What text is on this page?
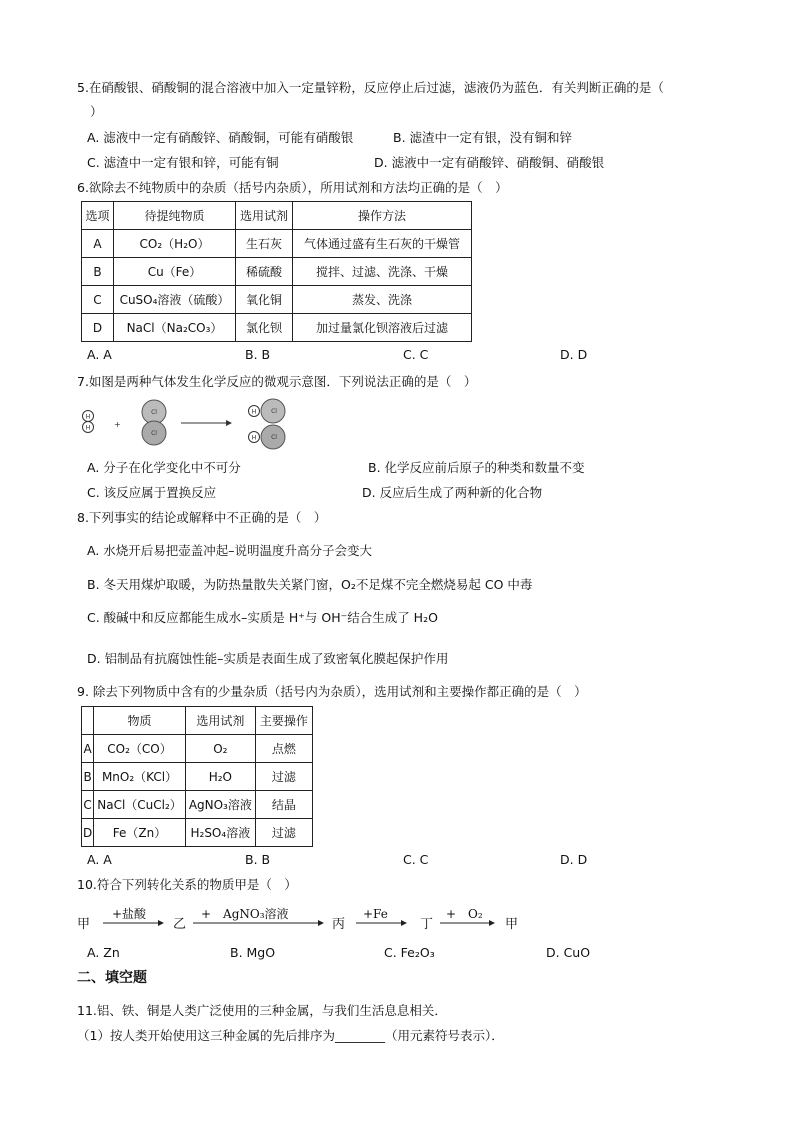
5.在硝酸银、硝酸铜的混合溶液中加入一定量锌粉，反应停止后过滤，滤液仍为蓝色．有关判断正确的是（
）
A. 滤液中一定有硝酸锌、硝酸铜，可能有硝酸银	B. 滤渣中一定有银，没有铜和锌
C. 滤渣中一定有银和锌，可能有铜	D. 滤液中一定有硝酸锌、硝酸铜、硝酸银
6.欲除去不纯物质中的杂质（括号内杂质），所用试剂和方法均正确的是（　）
选项	待提纯物质	选用试剂	操作方法
A	CO₂（H₂O）	生石灰	气体通过盛有生石灰的干燥管
B	Cu（Fe）	稀硫酸	搅拌、过滤、洗涤、干燥
C	CuSO₄溶液（硫酸）	氧化铜	蒸发、洗涤
D	NaCl（Na₂CO₃）	氯化钡	加过量氯化钡溶液后过滤
A. A	B. B	C. C	D. D
7.如图是两种气体发生化学反应的微观示意图．下列说法正确的是（　）
H
H	+
Cl
Cl
H Cl
H Cl
A. 分子在化学变化中不可分	B. 化学反应前后原子的种类和数量不变
C. 该反应属于置换反应	D. 反应后生成了两种新的化合物
8.下列事实的结论或解释中不正确的是（　）
A. 水烧开后易把壶盖冲起–说明温度升高分子会变大
B. 冬天用煤炉取暖，为防热量散失关紧门窗，O₂不足煤不完全燃烧易起 CO 中毒
C. 酸碱中和反应都能生成水–实质是 H⁺与 OH⁻结合生成了 H₂O
D. 铝制品有抗腐蚀性能–实质是表面生成了致密氧化膜起保护作用
9. 除去下列物质中含有的少量杂质（括号内为杂质），选用试剂和主要操作都正确的是（　）
	物质	选用试剂	主要操作
A	CO₂（CO）	O₂	点燃
B	MnO₂（KCl）	H₂O	过滤
C	NaCl（CuCl₂）	AgNO₃溶液	结晶
D	Fe（Zn）	H₂SO₄溶液	过滤
A. A	B. B	C. C	D. D
10.符合下列转化关系的物质甲是（　）
甲
+盐酸
乙
+　AgNO₃溶液
丙
+Fe
丁
+　O₂
甲
A. Zn	B. MgO	C. Fe₂O₃	D. CuO
二、填空题
11.铝、铁、铜是人类广泛使用的三种金属，与我们生活息息相关．
（1）按人类开始使用这三种金属的先后排序为________（用元素符号表示）．
